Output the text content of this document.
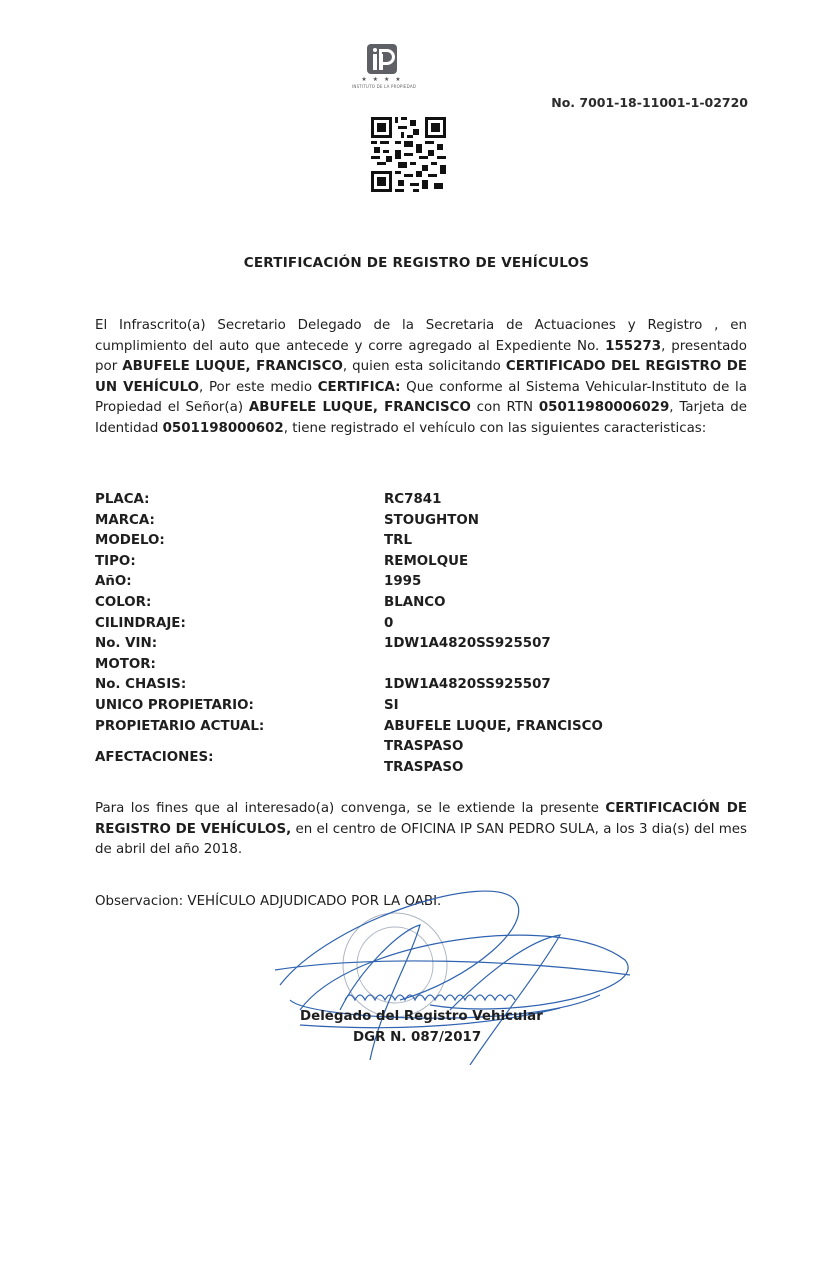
★ ★ ★ ★
INSTITUTO DE LA PROPIEDAD
No. 7001-18-11001-1-02720
CERTIFICACIÓN DE REGISTRO DE VEHÍCULOS
El Infrascrito(a) Secretario Delegado de la Secretaria de Actuaciones y Registro , en cumplimiento del auto que antecede y corre agregado al Expediente No. 155273, presentado por ABUFELE LUQUE, FRANCISCO, quien esta solicitando CERTIFICADO DEL REGISTRO DE UN VEHÍCULO, Por este medio CERTIFICA: Que conforme al Sistema Vehicular-Instituto de la Propiedad el Señor(a) ABUFELE LUQUE, FRANCISCO con RTN 05011980006029, Tarjeta de Identidad 0501198000602, tiene registrado el vehículo con las siguientes caracteristicas:
PLACA:	RC7841
MARCA:	STOUGHTON
MODELO:	TRL
TIPO:	REMOLQUE
AñO:	1995
COLOR:	BLANCO
CILINDRAJE:	0
No. VIN:	1DW1A4820SS925507
MOTOR:
No. CHASIS:	1DW1A4820SS925507
UNICO PROPIETARIO:	SI
PROPIETARIO ACTUAL:	ABUFELE LUQUE, FRANCISCO
AFECTACIONES:
TRASPASO
TRASPASO
Para los fines que al interesado(a) convenga, se le extiende la presente CERTIFICACIÓN DE REGISTRO DE VEHÍCULOS, en el centro de OFICINA IP SAN PEDRO SULA, a los 3 dia(s) del mes de abril del año 2018.
Observacion: VEHÍCULO ADJUDICADO POR LA OABI.
Delegado del Registro Vehicular
DGR N. 087/2017
